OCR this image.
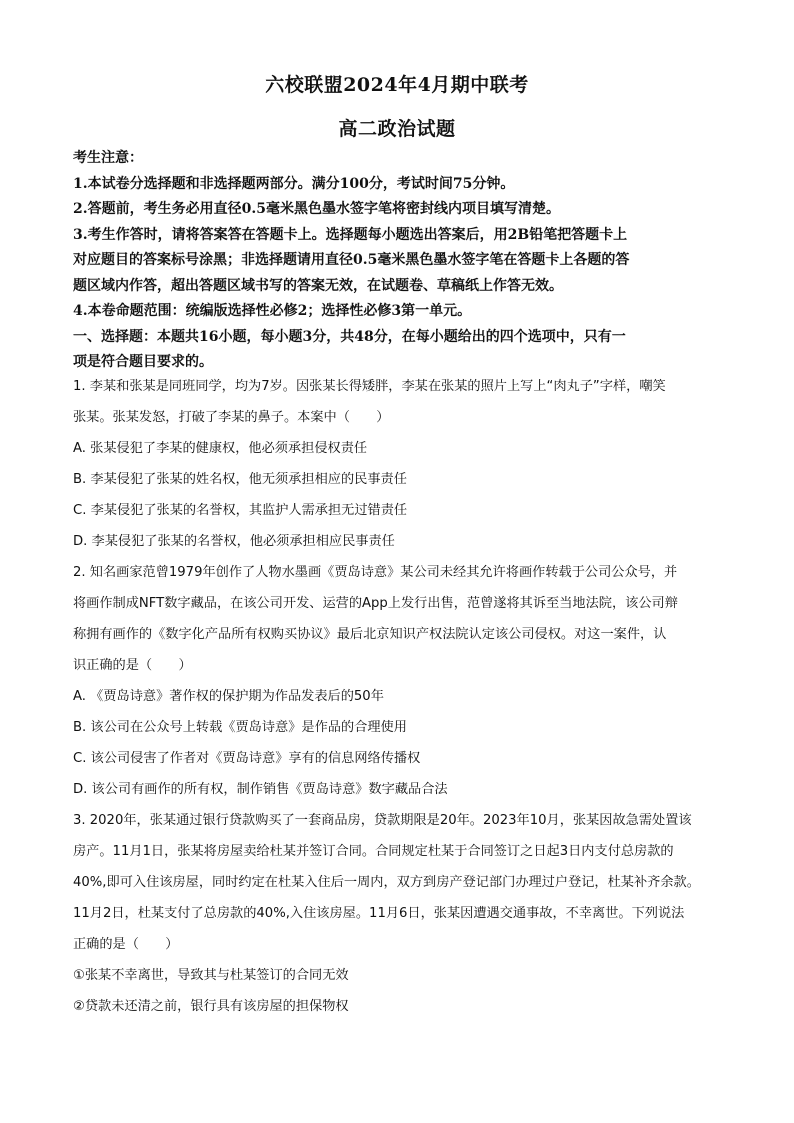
六校联盟2024年4月期中联考
高二政治试题
考生注意：
1.本试卷分选择题和非选择题两部分。满分100分，考试时间75分钟。
2.答题前，考生务必用直径0.5毫米黑色墨水签字笔将密封线内项目填写清楚。
3.考生作答时，请将答案答在答题卡上。选择题每小题选出答案后，用2B铅笔把答题卡上
对应题目的答案标号涂黑；非选择题请用直径0.5毫米黑色墨水签字笔在答题卡上各题的答
题区域内作答，超出答题区域书写的答案无效，在试题卷、草稿纸上作答无效。
4.本卷命题范围：统编版选择性必修2；选择性必修3第一单元。
一、选择题：本题共16小题，每小题3分，共48分，在每小题给出的四个选项中，只有一
项是符合题目要求的。
1. 李某和张某是同班同学，均为7岁。因张某长得矮胖，李某在张某的照片上写上“肉丸子”字样，嘲笑
张某。张某发怒，打破了李某的鼻子。本案中（　　）
A. 张某侵犯了李某的健康权，他必须承担侵权责任
B. 李某侵犯了张某的姓名权，他无须承担相应的民事责任
C. 李某侵犯了张某的名誉权，其监护人需承担无过错责任
D. 李某侵犯了张某的名誉权，他必须承担相应民事责任
2. 知名画家范曾1979年创作了人物水墨画《贾岛诗意》某公司未经其允许将画作转载于公司公众号，并
将画作制成NFT数字藏品，在该公司开发、运营的App上发行出售，范曾遂将其诉至当地法院，该公司辩
称拥有画作的《数字化产品所有权购买协议》最后北京知识产权法院认定该公司侵权。对这一案件，认
识正确的是（　　）
A. 《贾岛诗意》著作权的保护期为作品发表后的50年
B. 该公司在公众号上转载《贾岛诗意》是作品的合理使用
C. 该公司侵害了作者对《贾岛诗意》享有的信息网络传播权
D. 该公司有画作的所有权，制作销售《贾岛诗意》数字藏品合法
3. 2020年，张某通过银行贷款购买了一套商品房，贷款期限是20年。2023年10月，张某因故急需处置该
房产。11月1日，张某将房屋卖给杜某并签订合同。合同规定杜某于合同签订之日起3日内支付总房款的
40%,即可入住该房屋，同时约定在杜某入住后一周内，双方到房产登记部门办理过户登记，杜某补齐余款。
11月2日，杜某支付了总房款的40%,入住该房屋。11月6日，张某因遭遇交通事故，不幸离世。下列说法
正确的是（　　）
①张某不幸离世，导致其与杜某签订的合同无效
②贷款未还清之前，银行具有该房屋的担保物权
